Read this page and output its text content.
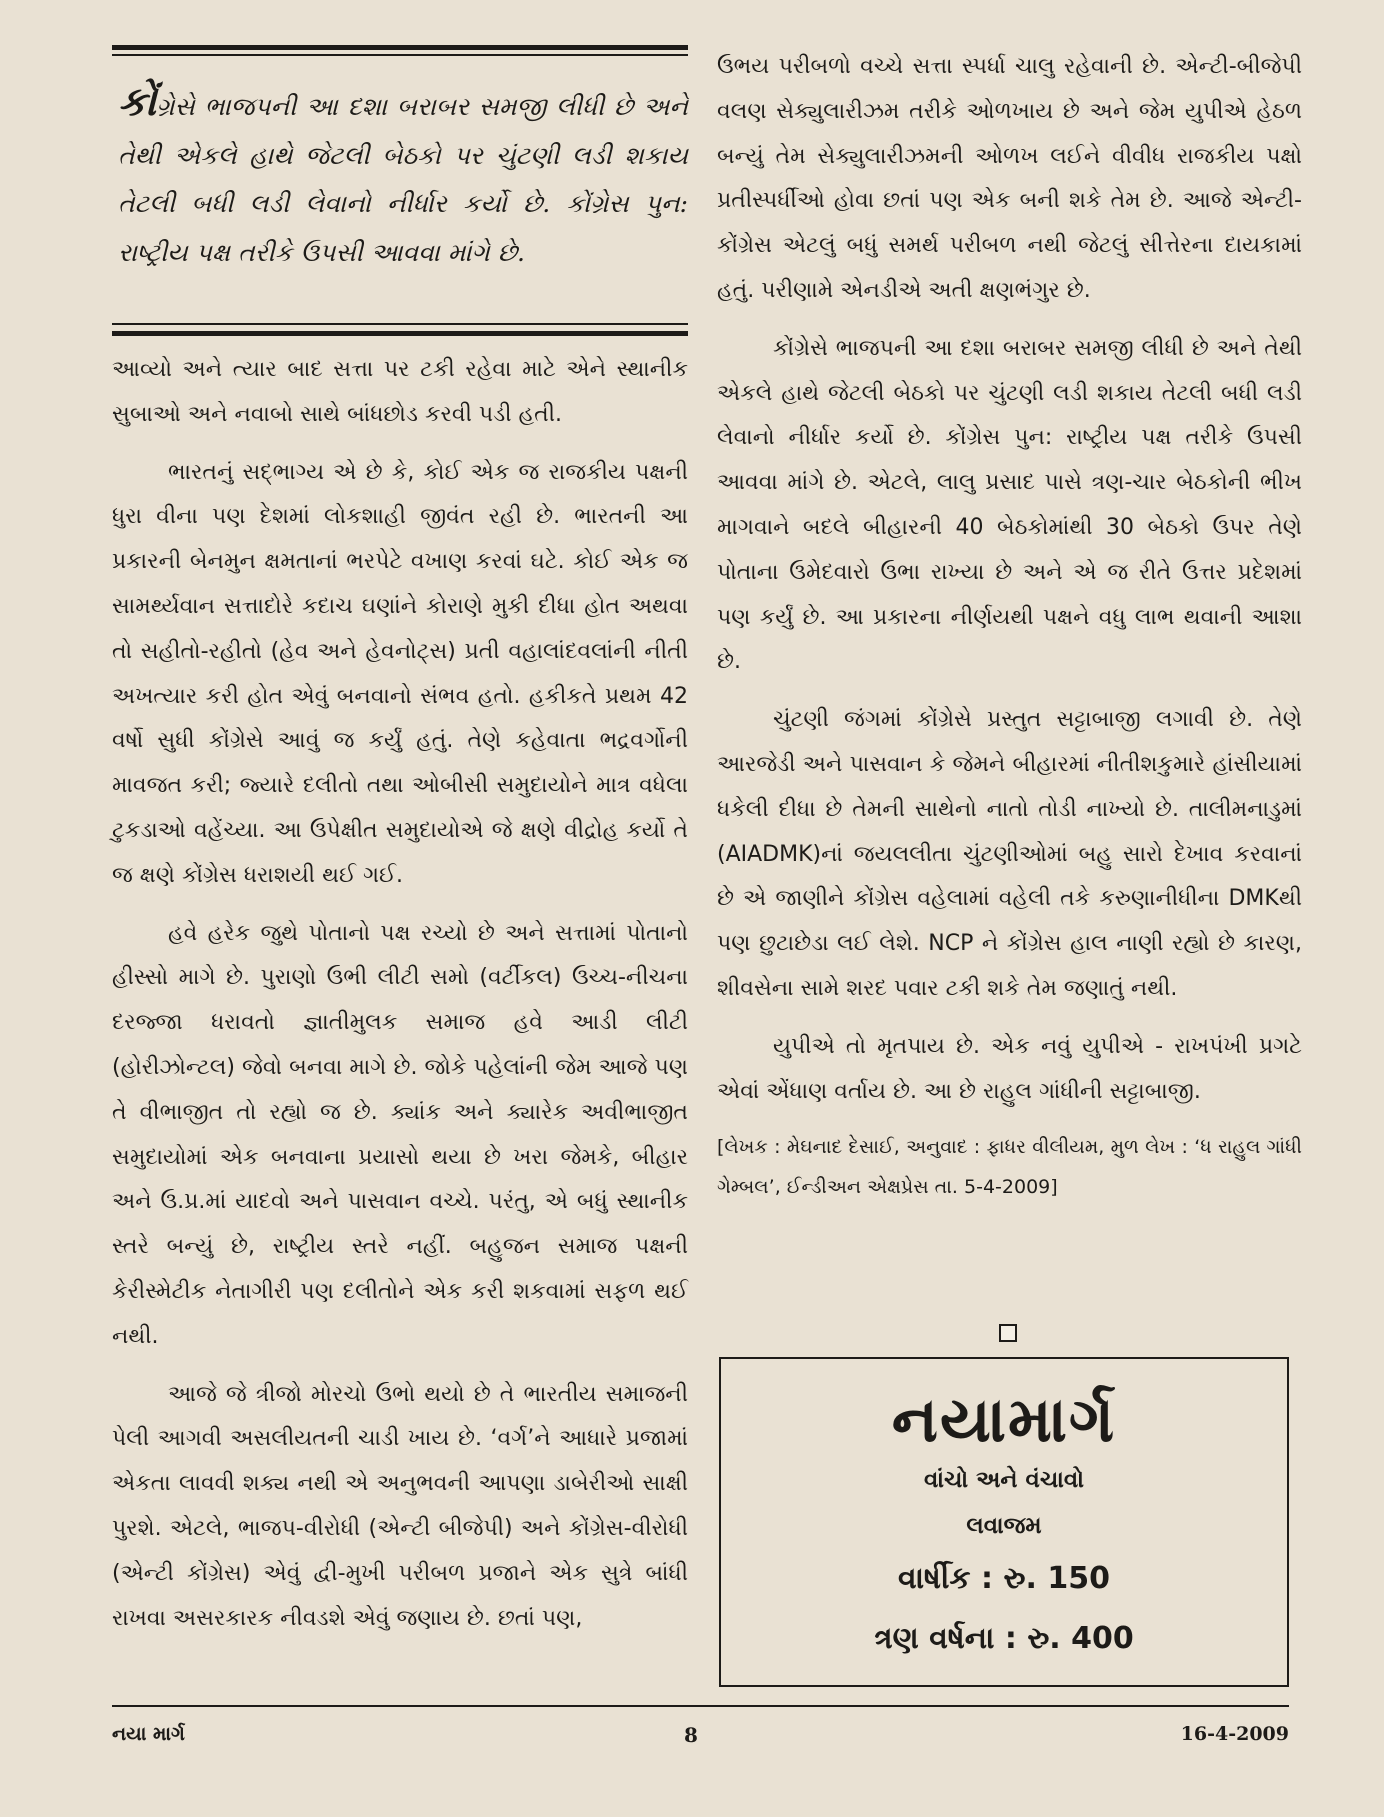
કોંગ્રેસે ભાજપની આ દશા બરાબર સમજી લીધી છે અને તેથી એકલે હાથે જેટલી બેઠકો પર ચુંટણી લડી શકાય તેટલી બધી લડી લેવાનો નીર્ધાર કર્યો છે. કોંગ્રેસ પુન: રાષ્ટ્રીય પક્ષ તરીકે ઉપસી આવવા માંગે છે.

આવ્યો અને ત્યાર બાદ સત્તા પર ટકી રહેવા માટે એને સ્થાનીક સુબાઓ અને નવાબો સાથે બાંધછોડ કરવી પડી હતી.

ભારતનું સદ્ભાગ્ય એ છે કે, કોઈ એક જ રાજકીય પક્ષની ધુરા વીના પણ દેશમાં લોકશાહી જીવંત રહી છે. ભારતની આ પ્રકારની બેનમુન ક્ષમતાનાં ભરપેટે વખાણ કરવાં ઘટે. કોઈ એક જ સામર્થ્યવાન સત્તાદોરે કદાચ ઘણાંને કોરાણે મુકી દીધા હોત અથવા તો સહીતો-રહીતો (હેવ અને હેવનોટ્સ) પ્રતી વહાલાંદવલાંની નીતી અખત્યાર કરી હોત એવું બનવાનો સંભવ હતો. હકીકતે પ્રથમ 42 વર્ષો સુધી કોંગ્રેસે આવું જ કર્યું હતું. તેણે કહેવાતા ભદ્રવર્ગોની માવજત કરી; જ્યારે દલીતો તથા ઓબીસી સમુદાયોને માત્ર વધેલા ટુકડાઓ વહેંચ્યા. આ ઉપેક્ષીત સમુદાયોએ જે ક્ષણે વીદ્રોહ કર્યો તે જ ક્ષણે કોંગ્રેસ ધરાશયી થઈ ગઈ.

હવે હરેક જુથે પોતાનો પક્ષ રચ્યો છે અને સત્તામાં પોતાનો હીસ્સો માગે છે. પુરાણો ઉભી લીટી સમો (વર્ટીકલ) ઉચ્ચ-નીચના દરજ્જા ધરાવતો જ્ઞાતીમુલક સમાજ હવે આડી લીટી (હોરીઝોન્ટલ) જેવો બનવા માગે છે. જોકે પહેલાંની જેમ આજે પણ તે વીભાજીત તો રહ્યો જ છે. ક્યાંક અને ક્યારેક અવીભાજીત સમુદાયોમાં એક બનવાના પ્રયાસો થયા છે ખરા જેમકે, બીહાર અને ઉ.પ્ર.માં યાદવો અને પાસવાન વચ્ચે. પરંતુ, એ બધું સ્થાનીક સ્તરે બન્યું છે, રાષ્ટ્રીય સ્તરે નહીં. બહુજન સમાજ પક્ષની કેરીસ્મેટીક નેતાગીરી પણ દલીતોને એક કરી શકવામાં સફળ થઈ નથી.

આજે જે ત્રીજો મોરચો ઉભો થયો છે તે ભારતીય સમાજની પેલી આગવી અસલીયતની ચાડી ખાય છે. ‘વર્ગ’ને આધારે પ્રજામાં એકતા લાવવી શક્ય નથી એ અનુભવની આપણા ડાબેરીઓ સાક્ષી પુરશે. એટલે, ભાજપ-વીરોધી (એન્ટી બીજેપી) અને કોંગ્રેસ-વીરોધી (એન્ટી કોંગ્રેસ) એવું દ્વી-મુખી પરીબળ પ્રજાને એક સુત્રે બાંધી રાખવા અસરકારક નીવડશે એવું જણાય છે. છતાં પણ,

ઉભય પરીબળો વચ્ચે સત્તા સ્પર્ધા ચાલુ રહેવાની છે. એન્ટી-બીજેપી વલણ સેક્યુલારીઝમ તરીકે ઓળખાય છે અને જેમ યુપીએ હેઠળ બન્યું તેમ સેક્યુલારીઝમની ઓળખ લઈને વીવીધ રાજકીય પક્ષો પ્રતીસ્પર્ધીઓ હોવા છતાં પણ એક બની શકે તેમ છે. આજે એન્ટી-કોંગ્રેસ એટલું બધું સમર્થ પરીબળ નથી જેટલું સીત્તેરના દાયકામાં હતું. પરીણામે એનડીએ અતી ક્ષણભંગુર છે.

કોંગ્રેસે ભાજપની આ દશા બરાબર સમજી લીધી છે અને તેથી એકલે હાથે જેટલી બેઠકો પર ચુંટણી લડી શકાય તેટલી બધી લડી લેવાનો નીર્ધાર કર્યો છે. કોંગ્રેસ પુન: રાષ્ટ્રીય પક્ષ તરીકે ઉપસી આવવા માંગે છે. એટલે, લાલુ પ્રસાદ પાસે ત્રણ-ચાર બેઠકોની ભીખ માગવાને બદલે બીહારની 40 બેઠકોમાંથી 30 બેઠકો ઉપર તેણે પોતાના ઉમેદવારો ઉભા રાખ્યા છે અને એ જ રીતે ઉત્તર પ્રદેશમાં પણ કર્યું છે. આ પ્રકારના નીર્ણયથી પક્ષને વધુ લાભ થવાની આશા છે.

ચુંટણી જંગમાં કોંગ્રેસે પ્રસ્તુત સટ્ટાબાજી લગાવી છે. તેણે આરજેડી અને પાસવાન કે જેમને બીહારમાં નીતીશકુમારે હાંસીયામાં ધકેલી દીધા છે તેમની સાથેનો નાતો તોડી નાખ્યો છે. તાલીમનાડુમાં (AIADMK)નાં જયલલીતા ચુંટણીઓમાં બહુ સારો દેખાવ કરવાનાં છે એ જાણીને કોંગ્રેસ વહેલામાં વહેલી તકે કરુણાનીધીના DMKથી પણ છુટાછેડા લઈ લેશે. NCP ને કોંગ્રેસ હાલ નાણી રહ્યો છે કારણ, શીવસેના સામે શરદ પવાર ટકી શકે તેમ જણાતું નથી.

યુપીએ તો મૃતપાય છે. એક નવું યુપીએ - રાખપંખી પ્રગટે એવાં એંધાણ વર્તાય છે. આ છે રાહુલ ગાંધીની સટ્ટાબાજી.

[લેખક : મેઘનાદ દેસાઈ, અનુવાદ : ફાધર વીલીયમ, મુળ લેખ : ‘ધ રાહુલ ગાંધી ગેમ્બલ’, ઈન્ડીઅન એક્ષપ્રેસ તા. 5-4-2009]

નયામાર્ગ
વાંચો અને વંચાવો
લવાજમ
વાર્ષીક : રુ. 150
ત્રણ વર્ષના : રુ. 400
નયા માર્ગ	8	16-4-2009
